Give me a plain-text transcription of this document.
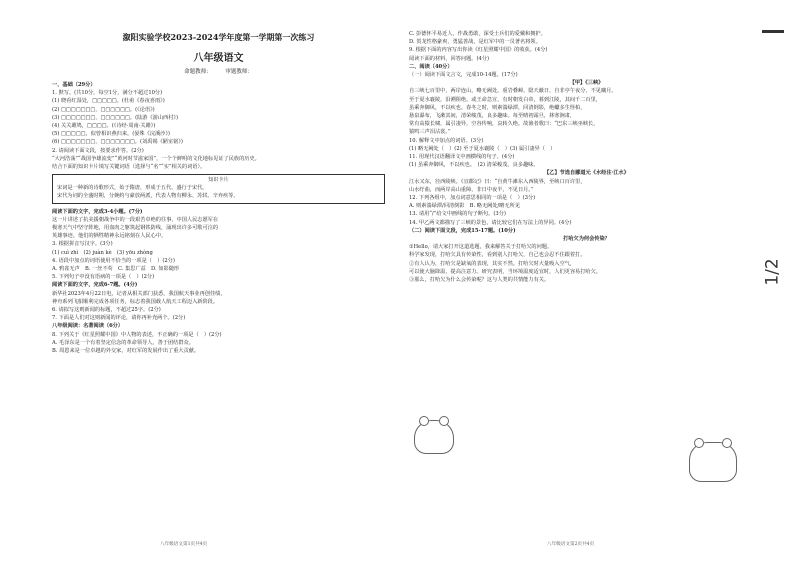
溆阳实验学校2023-2024学年度第一学期第一次练习
八年级语文
命题教师：　　　审题教师：
一、基础（29分）
1. 默写。(共10分，每空1分，满分不超过10分)
(1) 晓看红湿处，□□□□□。(杜甫《春夜喜雨》)
(2) □□□□□□□，□□□□□□。(《论语》)
(3) □□□□□□□，□□□□□□。(陆游《游山西村》)
(4) 关关雎鸠，□□□□。(《诗经·周南·关雎》)
(5) □□□□□，似曾相识燕归来。(晏殊《浣溪沙》)
(6) □□□□□□□，□□□□□□□。(刘禹锡《陋室铭》)
2. 请阅读下面文段，按要求作答。(2分)
“大河浩荡”“战国争雄流变”“黄河时节滋家国”，一个个鲜明的文化地标见证了民族的历史。
结合下面的知识卡片填写关键词语（选择与“名”“实”相关的词语）。
知识卡片
宋词是一种新的诗歌形式，始于隋唐，形成于五代，盛行于宋代。
宋代为词的全盛时期，分婉约与豪放两派，代表人物有柳永、苏轼、辛弃疾等。
阅读下面的文字，完成3-4小题。(7分)
这一片讲述了抗美援朝战争中的一段艰苦卓绝的往事，中国人民志愿军在
极寒天气中坚守阵地，用血肉之躯筑起钢铁防线，涌现出许多可歌可泣的
英雄事迹。他们的牺牲精神永远铭刻在人民心中。
3. 根据拼音写汉字。(3分)
(1) cuì zhì　(2) juàn kè　(3) yōu zhòng
4. 语段中加点的词语使用不恰当的一项是（　）(2分)
A. 鸦雀无声　B. 一丝不苟　C. 集思广益　D. 如影随形
5. 下列句子中没有语病的一项是（　）(2分)
阅读下面的文字，完成6-7题。(4分)
新华社2023年4月22日电，记者从相关部门获悉，我国航天事业再创佳绩，
神舟系列飞船顺利完成各项任务，标志着我国载人航天工程迈入新阶段。
6. 请拟写这则新闻的标题，不超过25字。(2分)
7. 下面是人们对这则新闻的评论，请你再补充两个。(2分)
八年级阅读：名著阅读（6分）
8. 下列关于《红星照耀中国》中人物的表述，不正确的一项是（　）(2分)
A. 毛泽东是一个有着坚定信念的革命领导人，善于团结群众。
B. 周恩来是一位卓越的外交家，对红军的发展作出了重大贡献。
八年级语文第1页共4页
C. 彭德怀平易近人，作战勇敢，深受士兵们的爱戴和拥护。
D. 贺龙性格豪爽，勇猛善战，是红军中的一员著名将领。
9. 根据下面的内容写出你读《红星照耀中国》的收获。(4分)
阅读下面的材料，回答问题。(4分)
二、阅读（40分）
（一）阅读下面文言文，完成10-14题。(17分)
【甲】《三峡》
自三峡七百里中，两岸连山，略无阙处。重岩叠嶂，隐天蔽日，自非亭午夜分，不见曦月。
至于夏水襄陵，沿溯阻绝。或王命急宣，有时朝发白帝，暮到江陵，其间千二百里，
虽乘奔御风，不以疾也。春冬之时，则素湍绿潭，回清倒影，绝巘多生怪柏，
悬泉瀑布，飞漱其间，清荣峻茂，良多趣味。每至晴初霜旦，林寒涧肃，
常有高猿长啸，属引凄异，空谷传响，哀转久绝。故渔者歌曰：“巴东三峡巫峡长，
猿鸣三声泪沾裳。”
10. 解释文中加点的词语。(3分)
(1) 略无阙处（　）(2) 至于夏水襄陵（　）(3) 属引凄异（　）
11. 用现代汉语翻译文中画横线的句子。(4分)
(1) 虽乘奔御风，不以疾也。　(2) 清荣峻茂，良多趣味。
【乙】节选自郦道元《水经注·江水》
江水又东，径西陵峡。《宜都记》曰：“自黄牛滩东入西陵界，至峡口百许里，
山水纡曲，而两岸高山重障，非日中夜半，不见日月。”
12. 下列各组中，加点词意思相同的一项是（　）(3分)
A. 则素湍绿潭/回清倒影　B. 略无阙处/略无所见
13. 请用“/”给文中画线的句子断句。(3分)
14. 甲乙两文都描写了三峡的景色，请比较它们在写法上的异同。(4分)
（二）阅读下面文段，完成15-17题。(10分)
打哈欠为何会传染？
①Hello，请大家打开这道选题，我来解答关于打哈欠的问题。
科学家发现，打哈欠具有传染性，看到别人打哈欠，自己也会忍不住跟着打。
②有人认为，打哈欠是缺氧的表现，其实不然。打哈欠时大量吸入空气，
可以使大脑降温，提高注意力。研究表明，当环境温度适宜时，人们更容易打哈欠。
③那么，打哈欠为什么会传染呢？这与人类的共情能力有关。
八年级语文第2页共4页
1/2
